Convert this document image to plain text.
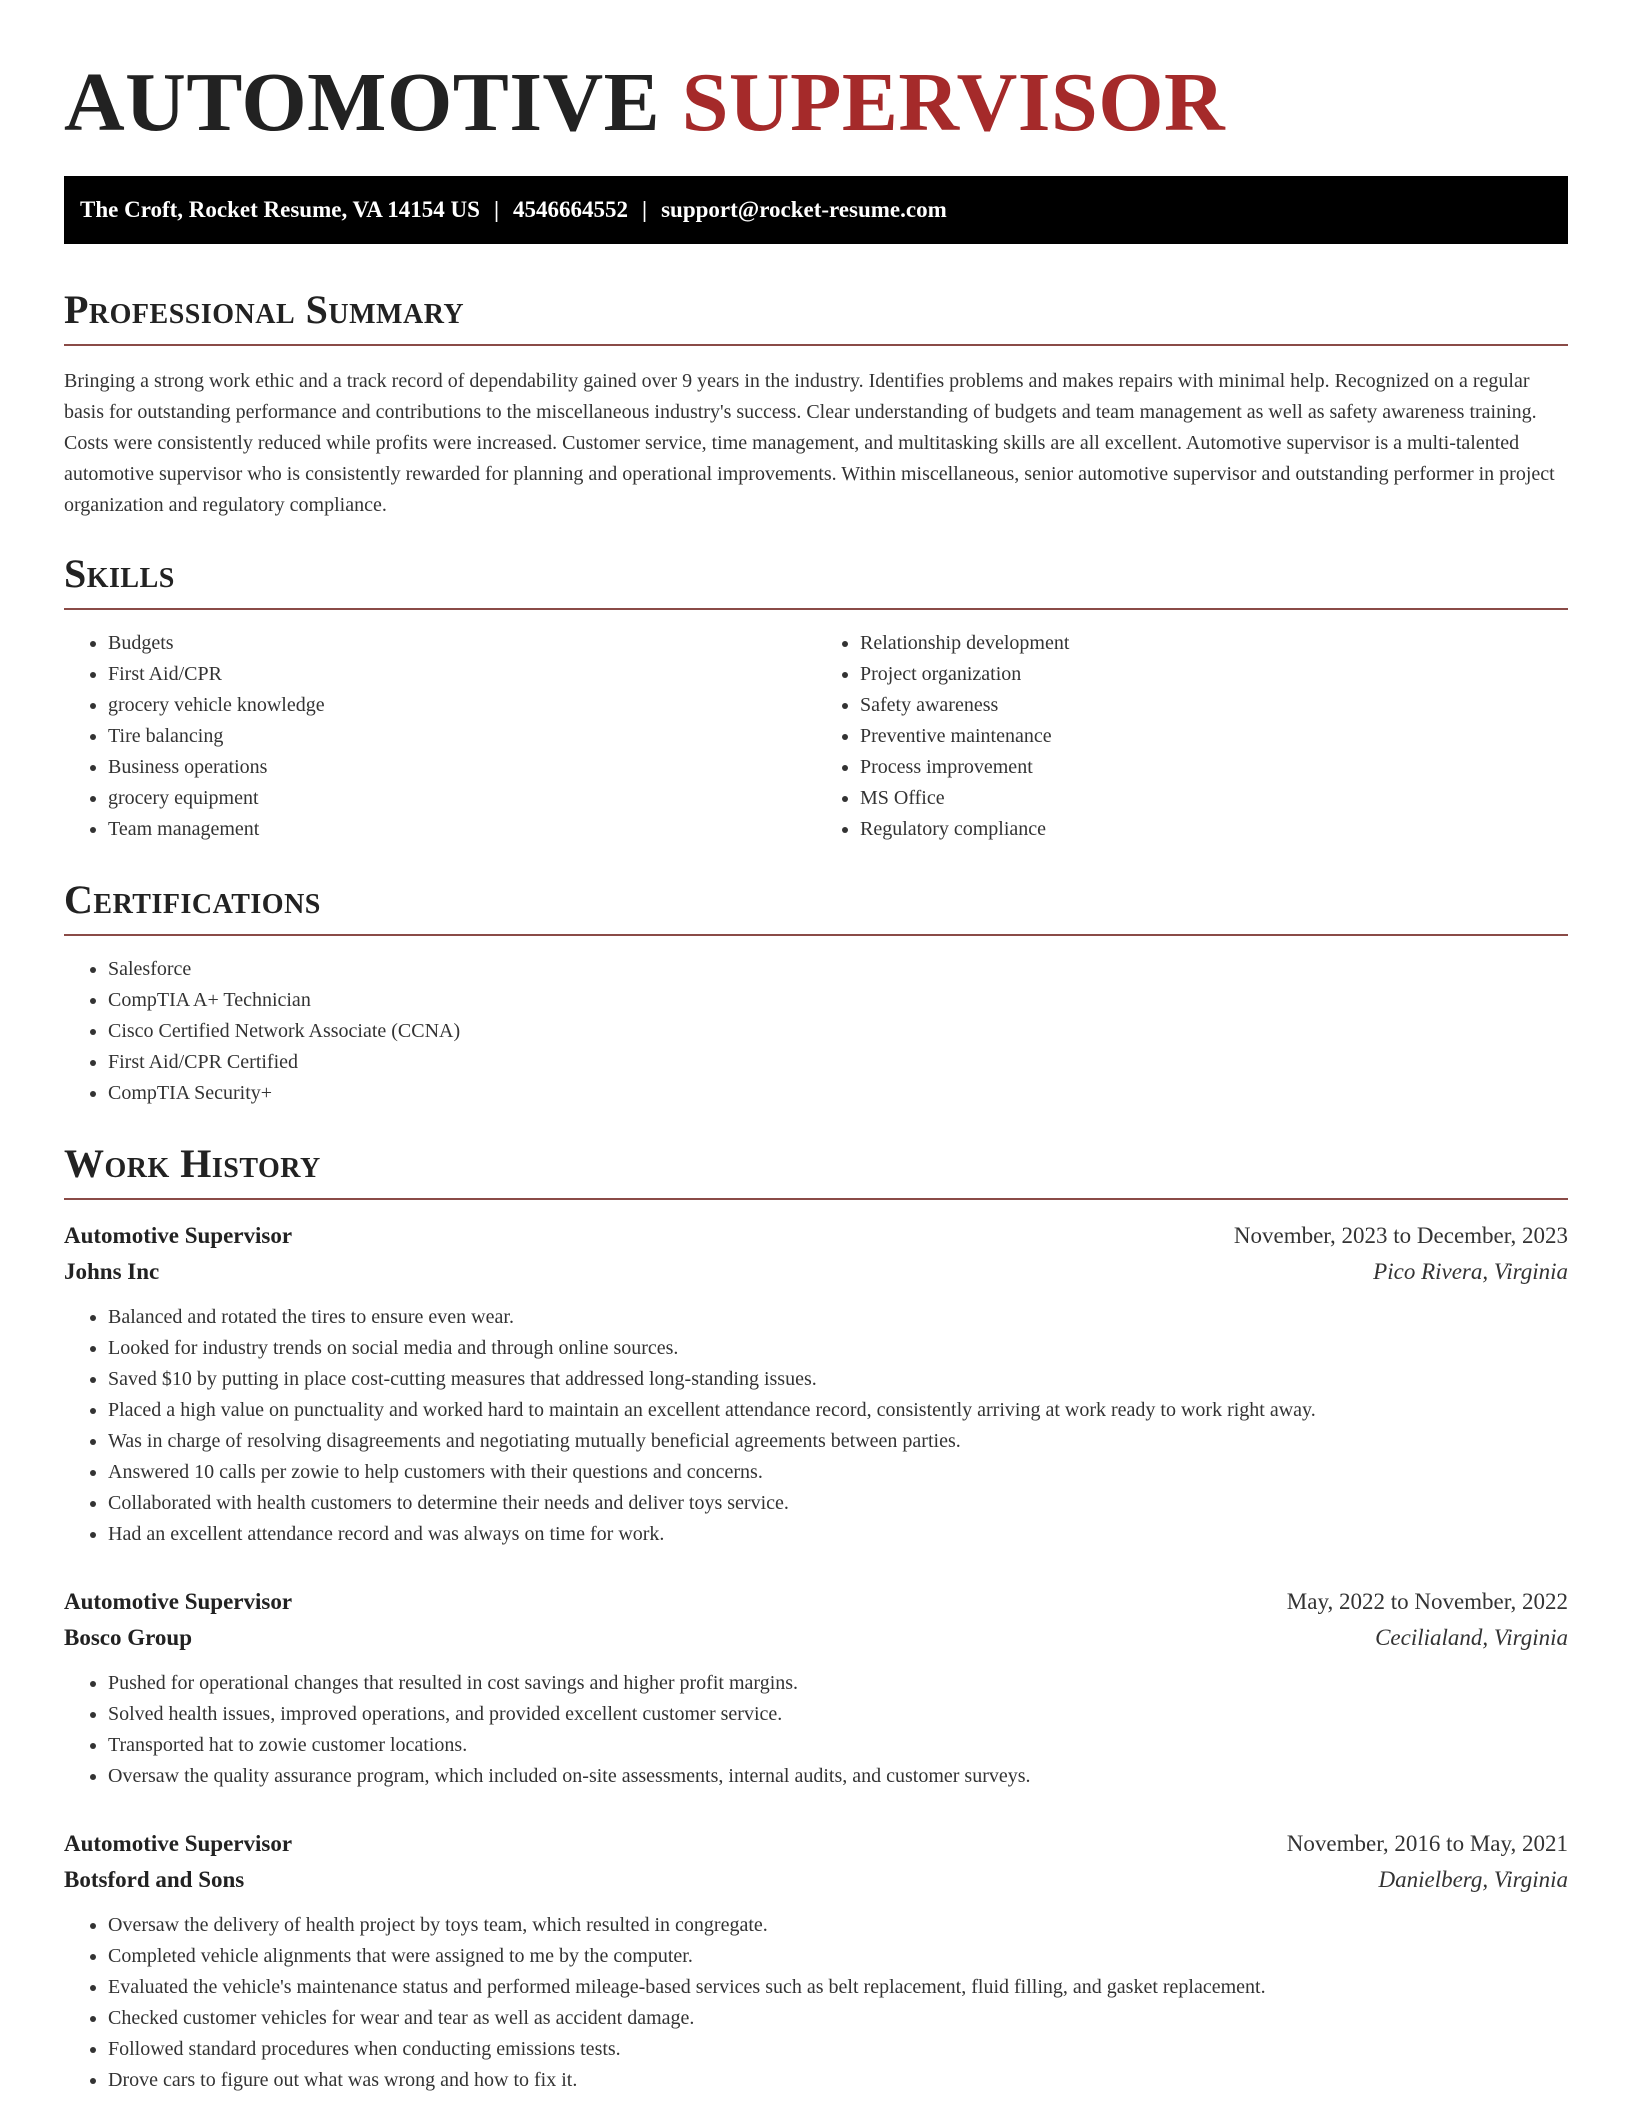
AUTOMOTIVE SUPERVISOR
The Croft, Rocket Resume, VA 14154 US | 4546664552 | support@rocket-resume.com
Professional Summary

Bringing a strong work ethic and a track record of dependability gained over 9 years in the industry. Identifies problems and makes repairs with minimal help. Recognized on a regular basis for outstanding performance and contributions to the miscellaneous industry's success. Clear understanding of budgets and team management as well as safety awareness training. Costs were consistently reduced while profits were increased. Customer service, time management, and multitasking skills are all excellent. Automotive supervisor is a multi-talented automotive supervisor who is consistently rewarded for planning and operational improvements. Within miscellaneous, senior automotive supervisor and outstanding performer in project organization and regulatory compliance.

Skills
• Budgets
• First Aid/CPR
• grocery vehicle knowledge
• Tire balancing
• Business operations
• grocery equipment
• Team management
• Relationship development
• Project organization
• Safety awareness
• Preventive maintenance
• Process improvement
• MS Office
• Regulatory compliance
Certifications
• Salesforce
• CompTIA A+ Technician
• Cisco Certified Network Associate (CCNA)
• First Aid/CPR Certified
• CompTIA Security+
Work History
Automotive Supervisor	November, 2023 to December, 2023
Johns Inc	Pico Rivera, Virginia
• Balanced and rotated the tires to ensure even wear.
• Looked for industry trends on social media and through online sources.
• Saved $10 by putting in place cost-cutting measures that addressed long-standing issues.
• Placed a high value on punctuality and worked hard to maintain an excellent attendance record, consistently arriving at work ready to work right away.
• Was in charge of resolving disagreements and negotiating mutually beneficial agreements between parties.
• Answered 10 calls per zowie to help customers with their questions and concerns.
• Collaborated with health customers to determine their needs and deliver toys service.
• Had an excellent attendance record and was always on time for work.
Automotive Supervisor	May, 2022 to November, 2022
Bosco Group	Cecilialand, Virginia
• Pushed for operational changes that resulted in cost savings and higher profit margins.
• Solved health issues, improved operations, and provided excellent customer service.
• Transported hat to zowie customer locations.
• Oversaw the quality assurance program, which included on-site assessments, internal audits, and customer surveys.
Automotive Supervisor	November, 2016 to May, 2021
Botsford and Sons	Danielberg, Virginia
• Oversaw the delivery of health project by toys team, which resulted in congregate.
• Completed vehicle alignments that were assigned to me by the computer.
• Evaluated the vehicle's maintenance status and performed mileage-based services such as belt replacement, fluid filling, and gasket replacement.
• Checked customer vehicles for wear and tear as well as accident damage.
• Followed standard procedures when conducting emissions tests.
• Drove cars to figure out what was wrong and how to fix it.
